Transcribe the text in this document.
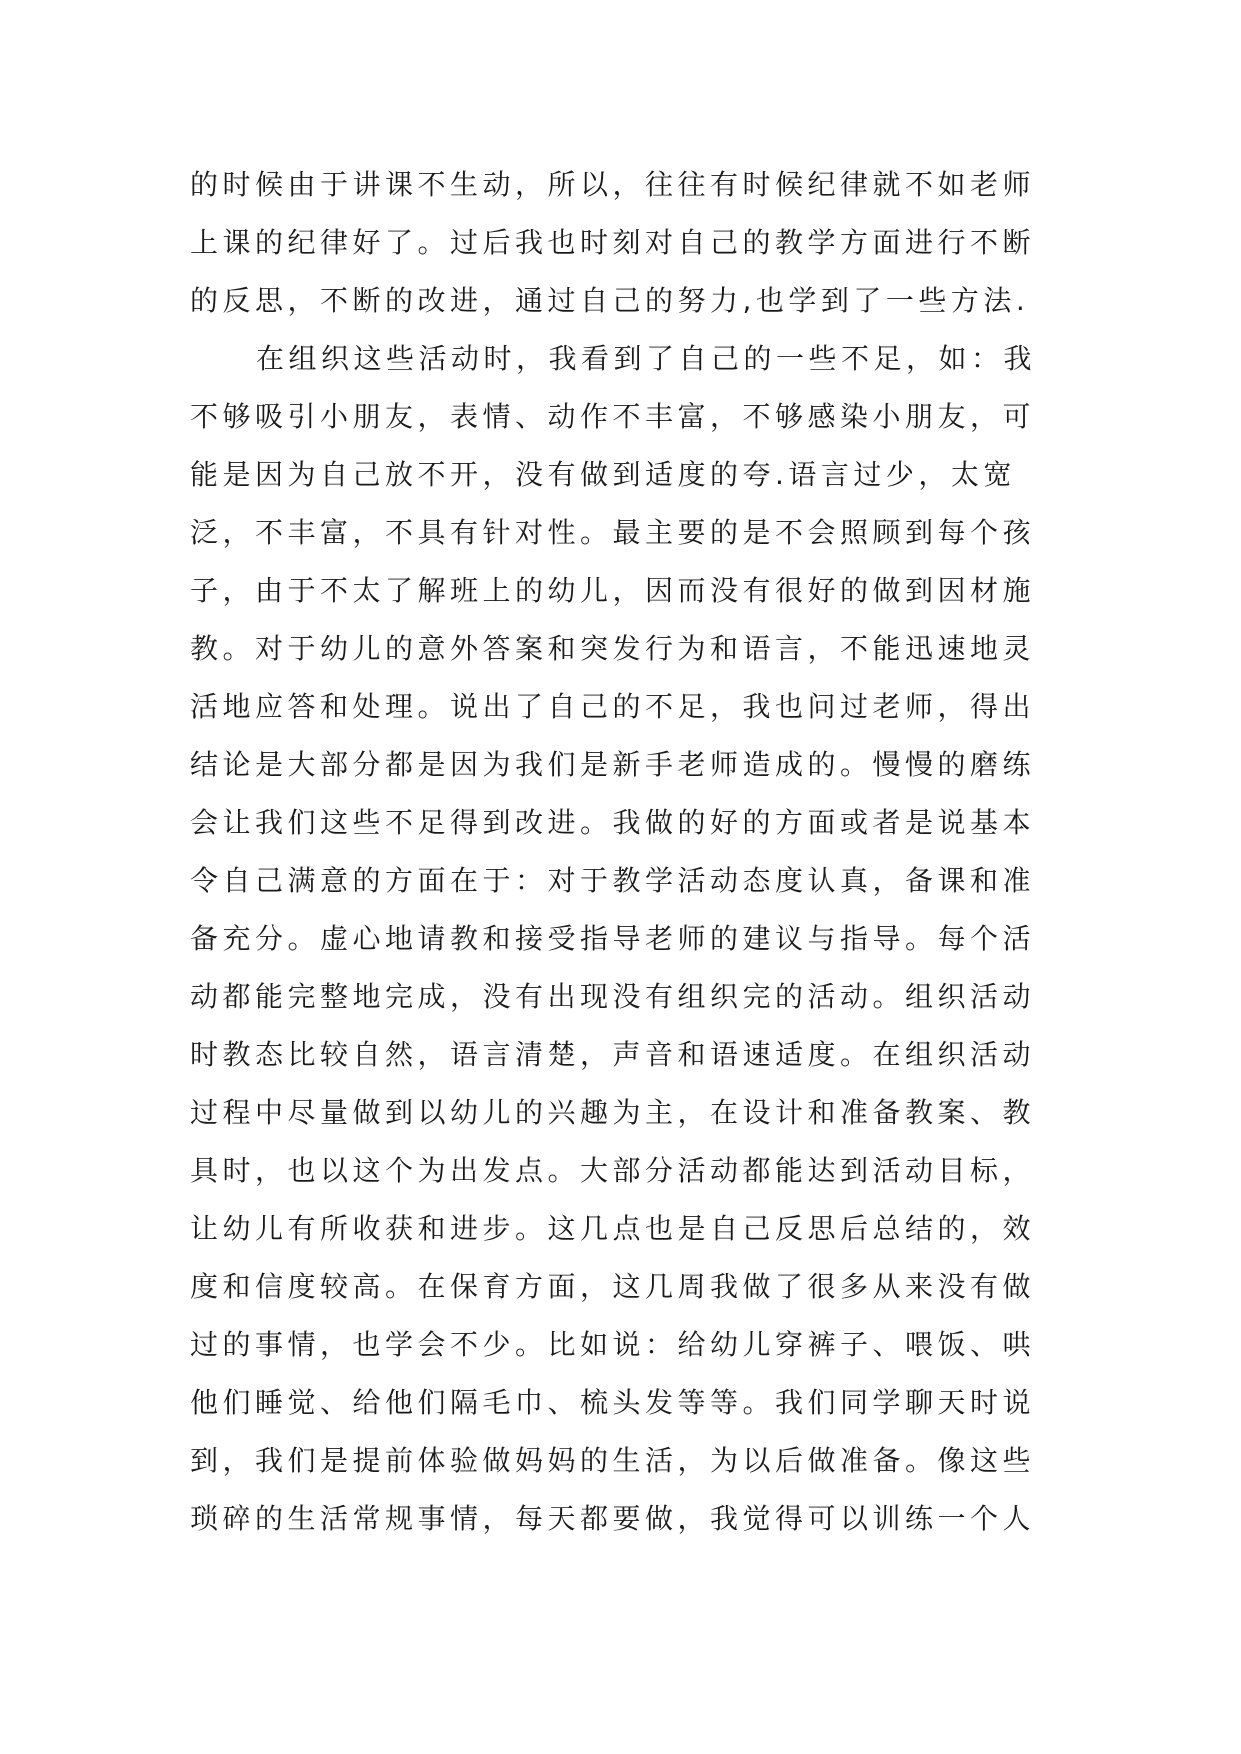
的时候由于讲课不生动，所以，往往有时候纪律就不如老师
上课的纪律好了。过后我也时刻对自己的教学方面进行不断
的反思，不断的改进，通过自己的努力,也学到了一些方法.
在组织这些活动时，我看到了自己的一些不足，如：我
不够吸引小朋友，表情、动作不丰富，不够感染小朋友，可
能是因为自己放不开，没有做到适度的夸.语言过少，太宽
泛，不丰富，不具有针对性。最主要的是不会照顾到每个孩
子，由于不太了解班上的幼儿，因而没有很好的做到因材施
教。对于幼儿的意外答案和突发行为和语言，不能迅速地灵
活地应答和处理。说出了自己的不足，我也问过老师，得出
结论是大部分都是因为我们是新手老师造成的。慢慢的磨练
会让我们这些不足得到改进。我做的好的方面或者是说基本
令自己满意的方面在于：对于教学活动态度认真，备课和准
备充分。虚心地请教和接受指导老师的建议与指导。每个活
动都能完整地完成，没有出现没有组织完的活动。组织活动
时教态比较自然，语言清楚，声音和语速适度。在组织活动
过程中尽量做到以幼儿的兴趣为主，在设计和准备教案、教
具时，也以这个为出发点。大部分活动都能达到活动目标，
让幼儿有所收获和进步。这几点也是自己反思后总结的，效
度和信度较高。在保育方面，这几周我做了很多从来没有做
过的事情，也学会不少。比如说：给幼儿穿裤子、喂饭、哄
他们睡觉、给他们隔毛巾、梳头发等等。我们同学聊天时说
到，我们是提前体验做妈妈的生活，为以后做准备。像这些
琐碎的生活常规事情，每天都要做，我觉得可以训练一个人
